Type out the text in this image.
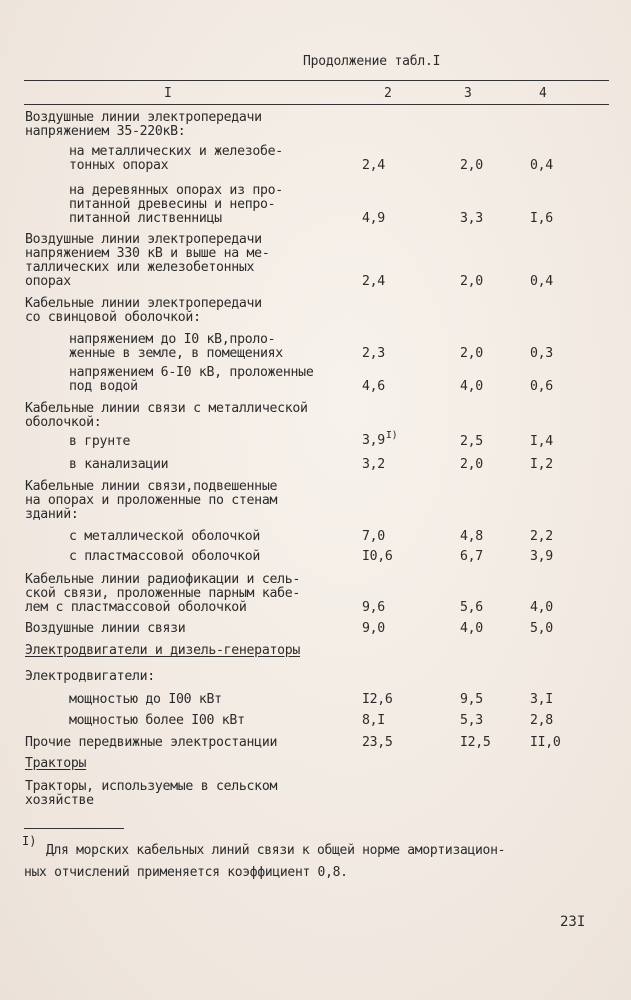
Продолжение табл.I
I	2	3	4
Воздушные линии электропередачи
напряжением 35-220кВ:
на металлических и железобе-
тонных опорах	2,4	2,0	0,4
на деревянных опорах из про-
питанной древесины и непро-
питанной лиственницы	4,9	3,3	I,6
Воздушные линии электропередачи
напряжением 330 кВ и выше на ме-
таллических или железобетонных
опорах	2,4	2,0	0,4
Кабельные линии электропередачи
со свинцовой оболочкой:
напряжением до I0 кВ,проло-
женные в земле, в помещениях	2,3	2,0	0,3
напряжением 6-I0 кВ, проложенные
под водой	4,6	4,0	0,6
Кабельные линии связи с металлической
оболочкой:
в грунте	$3,9^{I)}$	2,5	I,4
в канализации	3,2	2,0	I,2
Кабельные линии связи,подвешенные
на опорах и проложенные по стенам
зданий:
с металлической оболочкой	7,0	4,8	2,2
с пластмассовой оболочкой	I0,6	6,7	3,9
Кабельные линии радиофикации и сель-
ской связи, проложенные парным кабе-
лем с пластмассовой оболочкой	9,6	5,6	4,0
Воздушные линии связи	9,0	4,0	5,0
Электродвигатели и дизель-генераторы
Электродвигатели:
мощностью до I00 кВт	I2,6	9,5	3,I
мощностью более I00 кВт	8,I	5,3	2,8
Прочие передвижные электростанции	23,5	I2,5	II,0
Тракторы
Тракторы, используемые в сельском
хозяйстве
I)
Для морских кабельных линий связи к общей норме амортизацион-
ных отчислений применяется коэффициент 0,8.
23I
